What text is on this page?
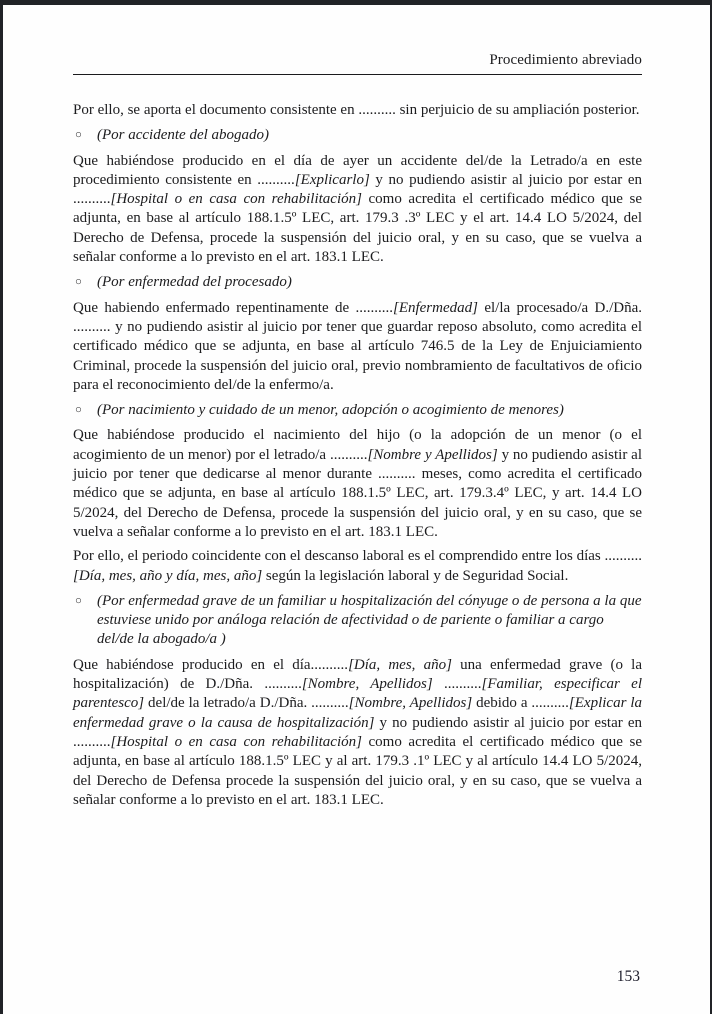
Procedimiento abreviado

Por ello, se aporta el documento consistente en .......... sin perjuicio de su ampliación posterior.

○	(Por accidente del abogado)

Que habiéndose producido en el día de ayer un accidente del/de la Letrado/a en este procedimiento consistente en ..........[Explicarlo] y no pudiendo asistir al juicio por estar en ..........[Hospital o en casa con rehabilitación] como acredita el certificado médico que se adjunta, en base al artículo 188.1.5º LEC, art. 179.3 .3º LEC y el art. 14.4 LO 5/2024, del Derecho de Defensa, procede la suspensión del juicio oral, y en su caso, que se vuelva a señalar conforme a lo previsto en el art. 183.1 LEC.

○	(Por enfermedad del procesado)

Que habiendo enfermado repentinamente de ..........[Enfermedad] el/la procesado/a D./Dña. .......... y no pudiendo asistir al juicio por tener que guardar reposo absoluto, como acredita el certificado médico que se adjunta, en base al artículo 746.5 de la Ley de Enjuiciamiento Criminal, procede la suspensión del juicio oral, previo nombramiento de facultativos de oficio para el reconocimiento del/de la enfermo/a.

○	(Por nacimiento y cuidado de un menor, adopción o acogimiento de menores)

Que habiéndose producido el nacimiento del hijo (o la adopción de un menor (o el acogimiento de un menor) por el letrado/a ..........[Nombre y Apellidos] y no pudiendo asistir al juicio por tener que dedicarse al menor durante .......... meses, como acredita el certificado médico que se adjunta, en base al artículo 188.1.5º LEC, art. 179.3.4º LEC, y art. 14.4 LO 5/2024, del Derecho de Defensa, procede la suspensión del juicio oral, y en su caso, que se vuelva a señalar conforme a lo previsto en el art. 183.1 LEC.

Por ello, el periodo coincidente con el descanso laboral es el comprendido entre los días ..........[Día, mes, año y día, mes, año] según la legislación laboral y de Seguridad Social.

○	(Por enfermedad grave de un familiar u hospitalización del cónyuge o de persona a la que estuviese unido por análoga relación de afectividad o de pariente o familiar a cargo del/de la abogado/a )

Que habiéndose producido en el día..........[Día, mes, año] una enfermedad grave (o la hospitalización) de D./Dña. ..........[Nombre, Apellidos] ..........[Familiar, especificar el parentesco] del/de la letrado/a D./Dña. ..........[Nombre, Apellidos] debido a ..........[Explicar la enfermedad grave o la causa de hospitalización] y no pudiendo asistir al juicio por estar en ..........[Hospital o en casa con rehabilitación] como acredita el certificado médico que se adjunta, en base al artículo 188.1.5º LEC y al art. 179.3 .1º LEC y al artículo 14.4 LO 5/2024, del Derecho de Defensa procede la suspensión del juicio oral, y en su caso, que se vuelva a señalar conforme a lo previsto en el art. 183.1 LEC.

153
